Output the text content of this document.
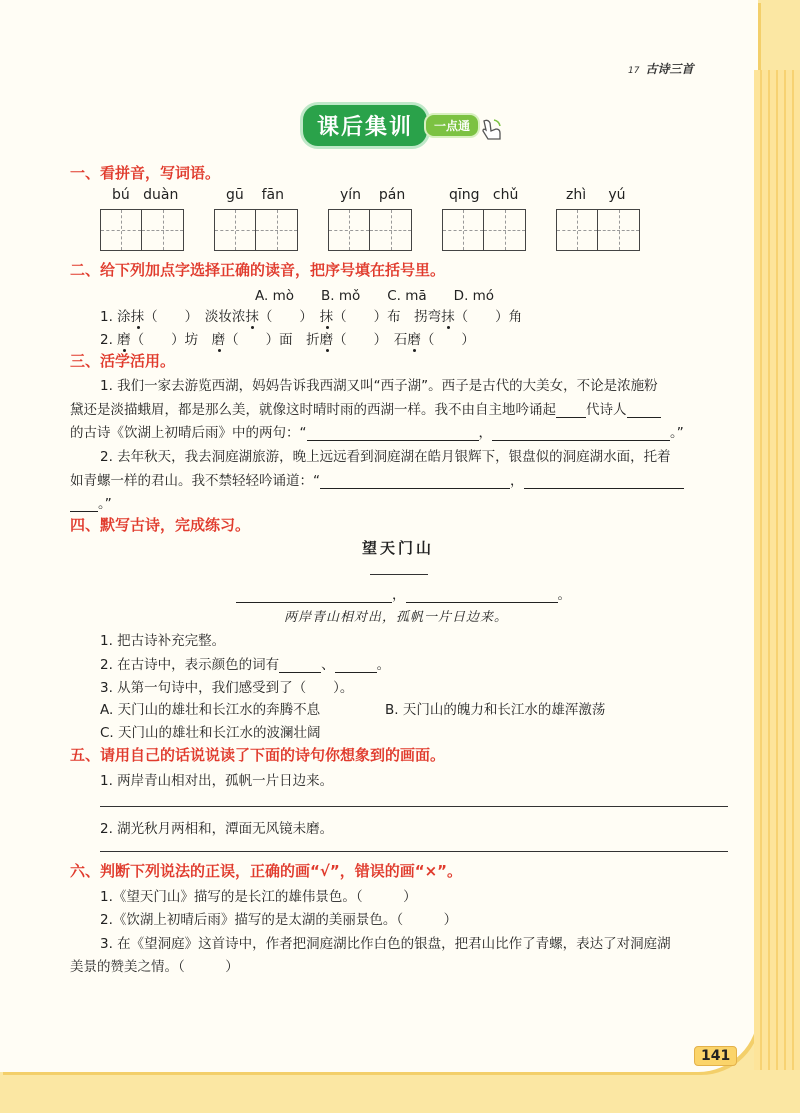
17 古诗三首
课后集训	一点通
一、看拼音，写词语。
bú duàn	gū fān	yín pán	qīng chǔ	zhì yú
二、给下列加点字选择正确的读音，把序号填在括号里。
A. mò　　B. mǒ　　C. mā　　D. mó
1. 涂抹（　　）　淡妆浓抹（　　）　抹（　　）布　拐弯抹（　　）角
2. 磨（　　）坊　磨（　　）面　折磨（　　）　石磨（　　）
三、活学活用。
1. 我们一家去游览西湖，妈妈告诉我西湖又叫“西子湖”。西子是古代的大美女，不论是浓施粉
黛还是淡描蛾眉，都是那么美，就像这时晴时雨的西湖一样。我不由自主地吟诵起 代诗人
的古诗《饮湖上初晴后雨》中的两句：“	，	。”
2. 去年秋天，我去洞庭湖旅游，晚上远远看到洞庭湖在皓月银辉下，银盘似的洞庭湖水面，托着
如青螺一样的君山。我不禁轻轻吟诵道：“	，
。”
四、默写古诗，完成练习。
望天门山
，	。
两岸青山相对出，孤帆一片日边来。
1. 把古诗补充完整。
2. 在古诗中，表示颜色的词有	、	。
3. 从第一句诗中，我们感受到了（　　）。
A. 天门山的雄壮和长江水的奔腾不息	B. 天门山的魄力和长江水的雄浑激荡
C. 天门山的雄壮和长江水的波澜壮阔
五、请用自己的话说说读了下面的诗句你想象到的画面。
1. 两岸青山相对出，孤帆一片日边来。
2. 湖光秋月两相和，潭面无风镜未磨。
六、判断下列说法的正误，正确的画“√”，错误的画“×”。
1.《望天门山》描写的是长江的雄伟景色。（　　　）
2.《饮湖上初晴后雨》描写的是太湖的美丽景色。（　　　）
3. 在《望洞庭》这首诗中，作者把洞庭湖比作白色的银盘，把君山比作了青螺，表达了对洞庭湖
美景的赞美之情。（　　　）
141
